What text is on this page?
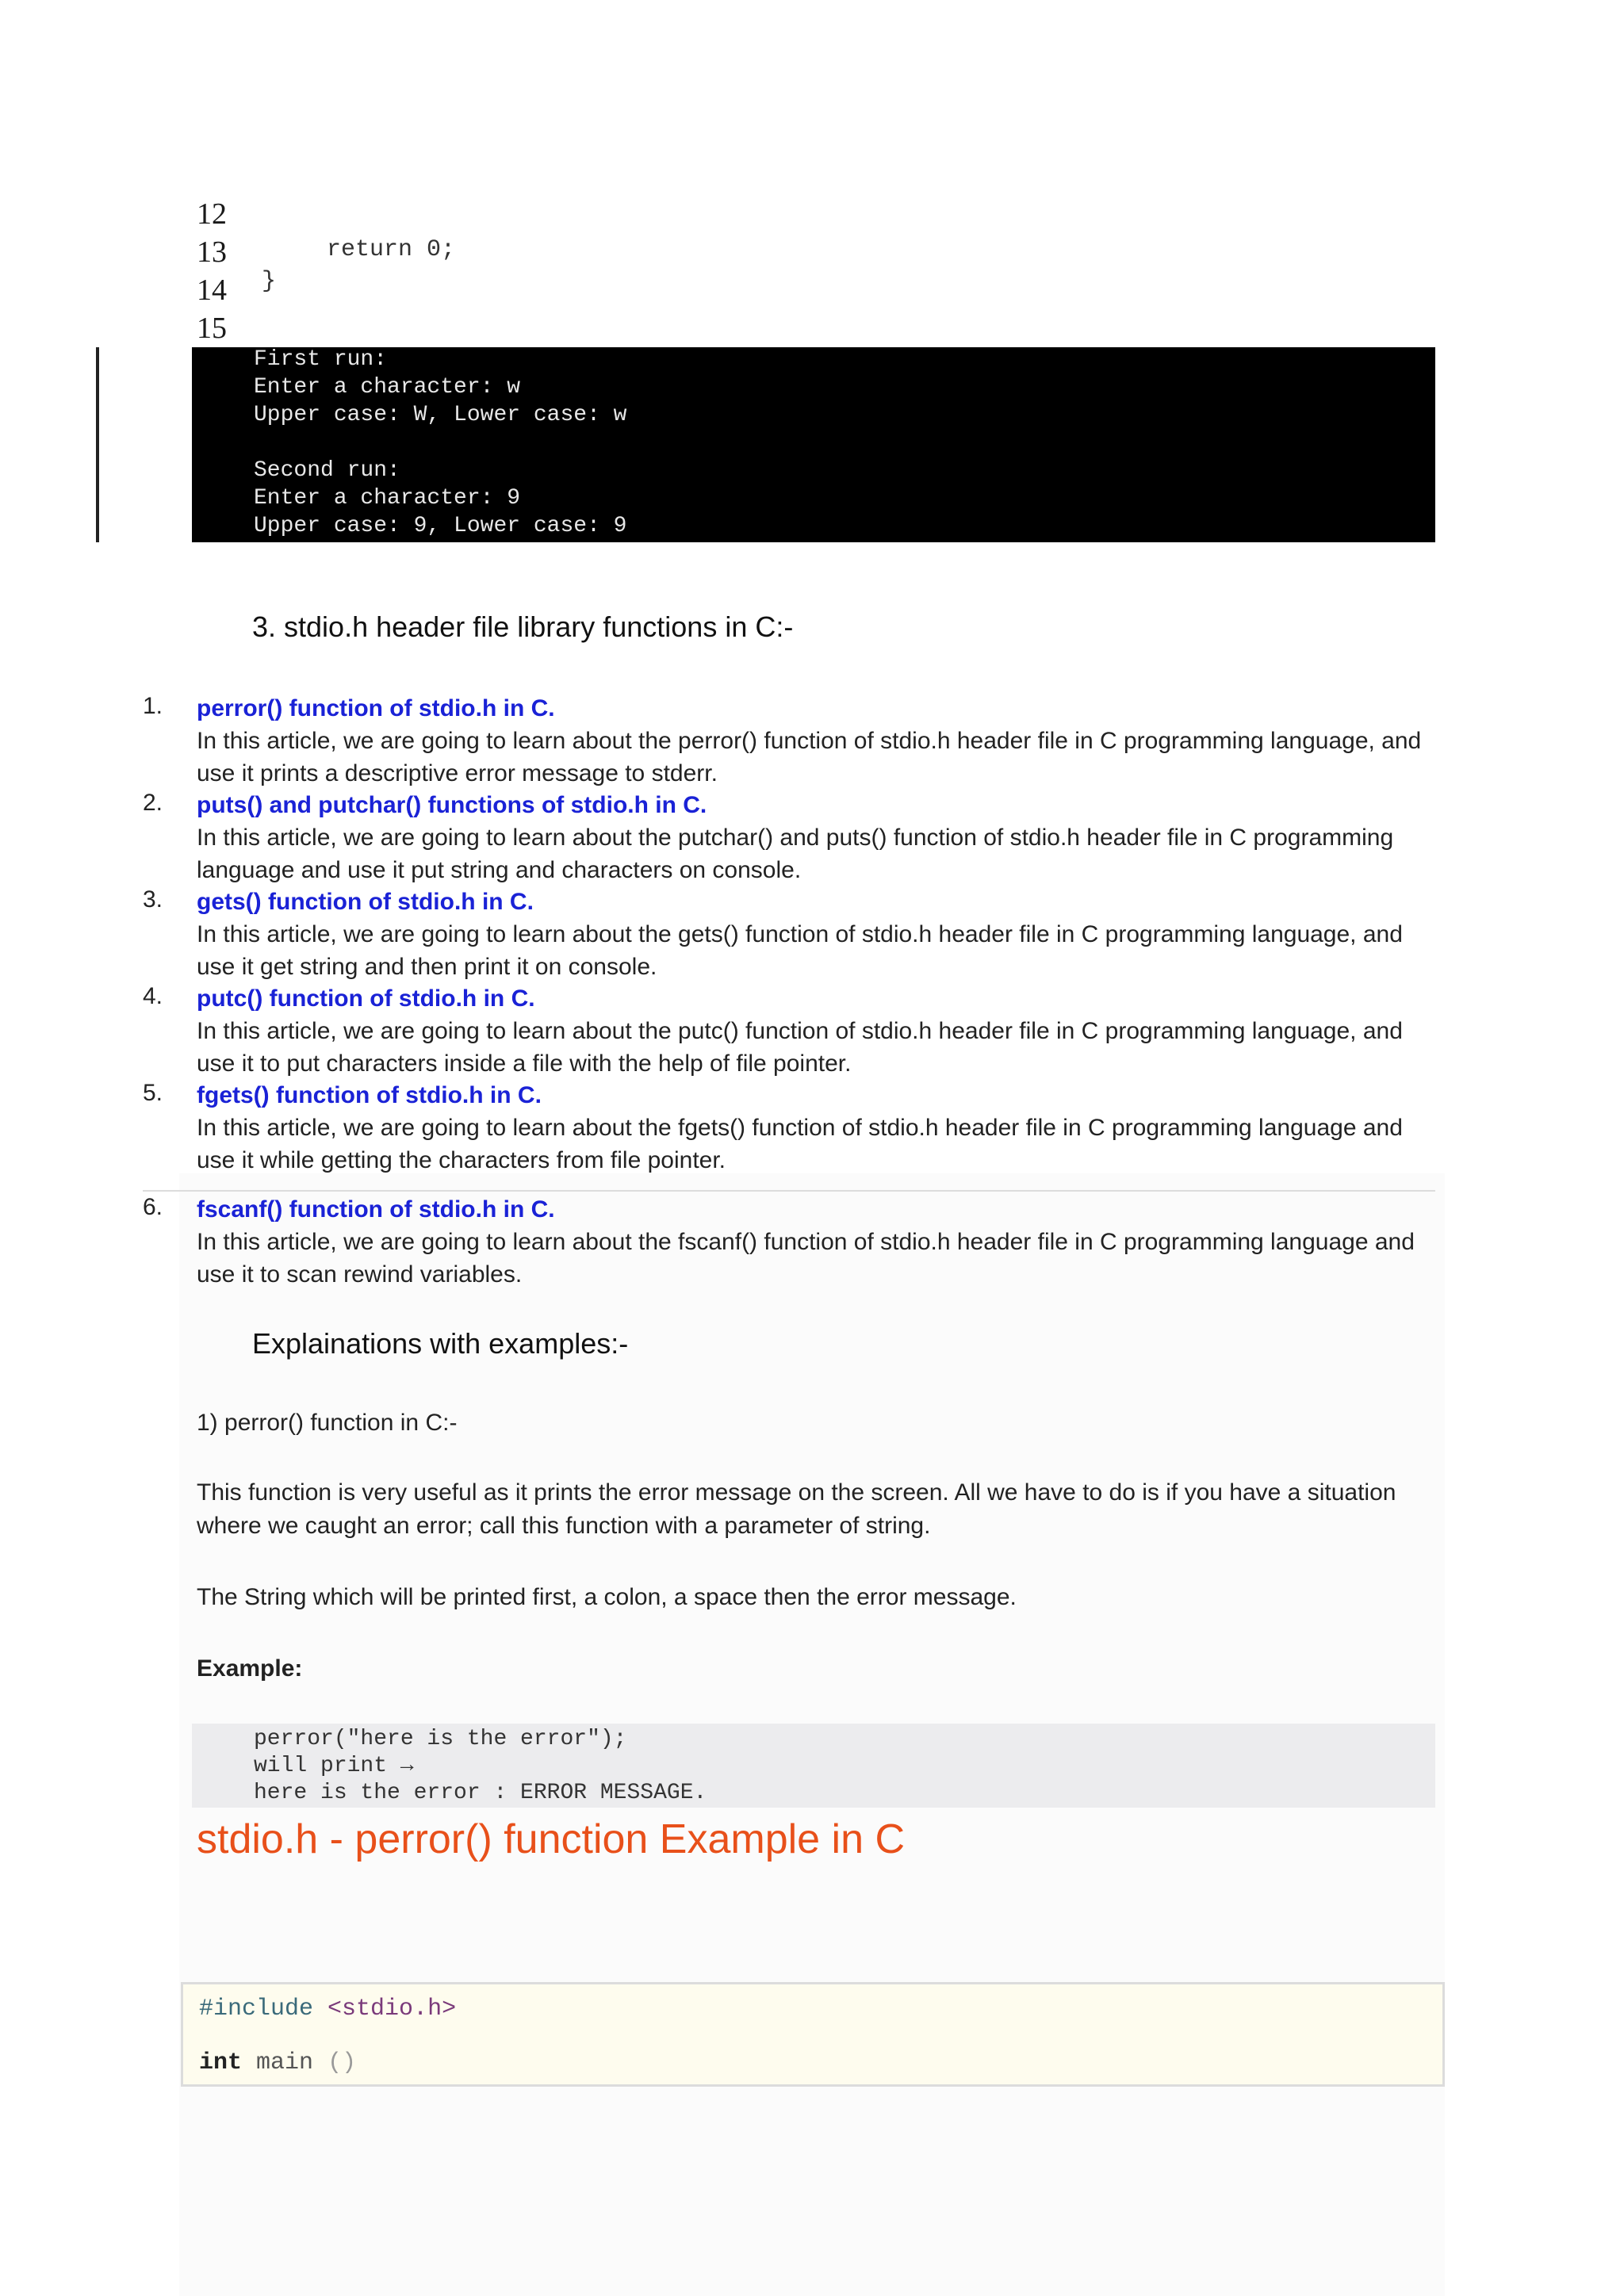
12
13
14
15
return 0;
}
First run:
Enter a character: w
Upper case: W, Lower case: w
Second run:
Enter a character: 9
Upper case: 9, Lower case: 9
3. stdio.h header file library functions in C:-
1. perror() function of stdio.h in C.
In this article, we are going to learn about the perror() function of stdio.h header file in C programming language, and use it prints a descriptive error message to stderr.
2. puts() and putchar() functions of stdio.h in C.
In this article, we are going to learn about the putchar() and puts() function of stdio.h header file in C programming language and use it put string and characters on console.
3. gets() function of stdio.h in C.
In this article, we are going to learn about the gets() function of stdio.h header file in C programming language, and use it get string and then print it on console.
4. putc() function of stdio.h in C.
In this article, we are going to learn about the putc() function of stdio.h header file in C programming language, and use it to put characters inside a file with the help of file pointer.
5. fgets() function of stdio.h in C.
In this article, we are going to learn about the fgets() function of stdio.h header file in C programming language and use it while getting the characters from file pointer.
6. fscanf() function of stdio.h in C.
In this article, we are going to learn about the fscanf() function of stdio.h header file in C programming language and use it to scan rewind variables.
Explainations with examples:-
1) perror() function in C:-
This function is very useful as it prints the error message on the screen. All we have to do is if you have a situation where we caught an error; call this function with a parameter of string.
The String which will be printed first, a colon, a space then the error message.
Example:
perror("here is the error");
will print →
here is the error : ERROR MESSAGE.
stdio.h - perror() function Example in C
#include <stdio.h>
int main ()
